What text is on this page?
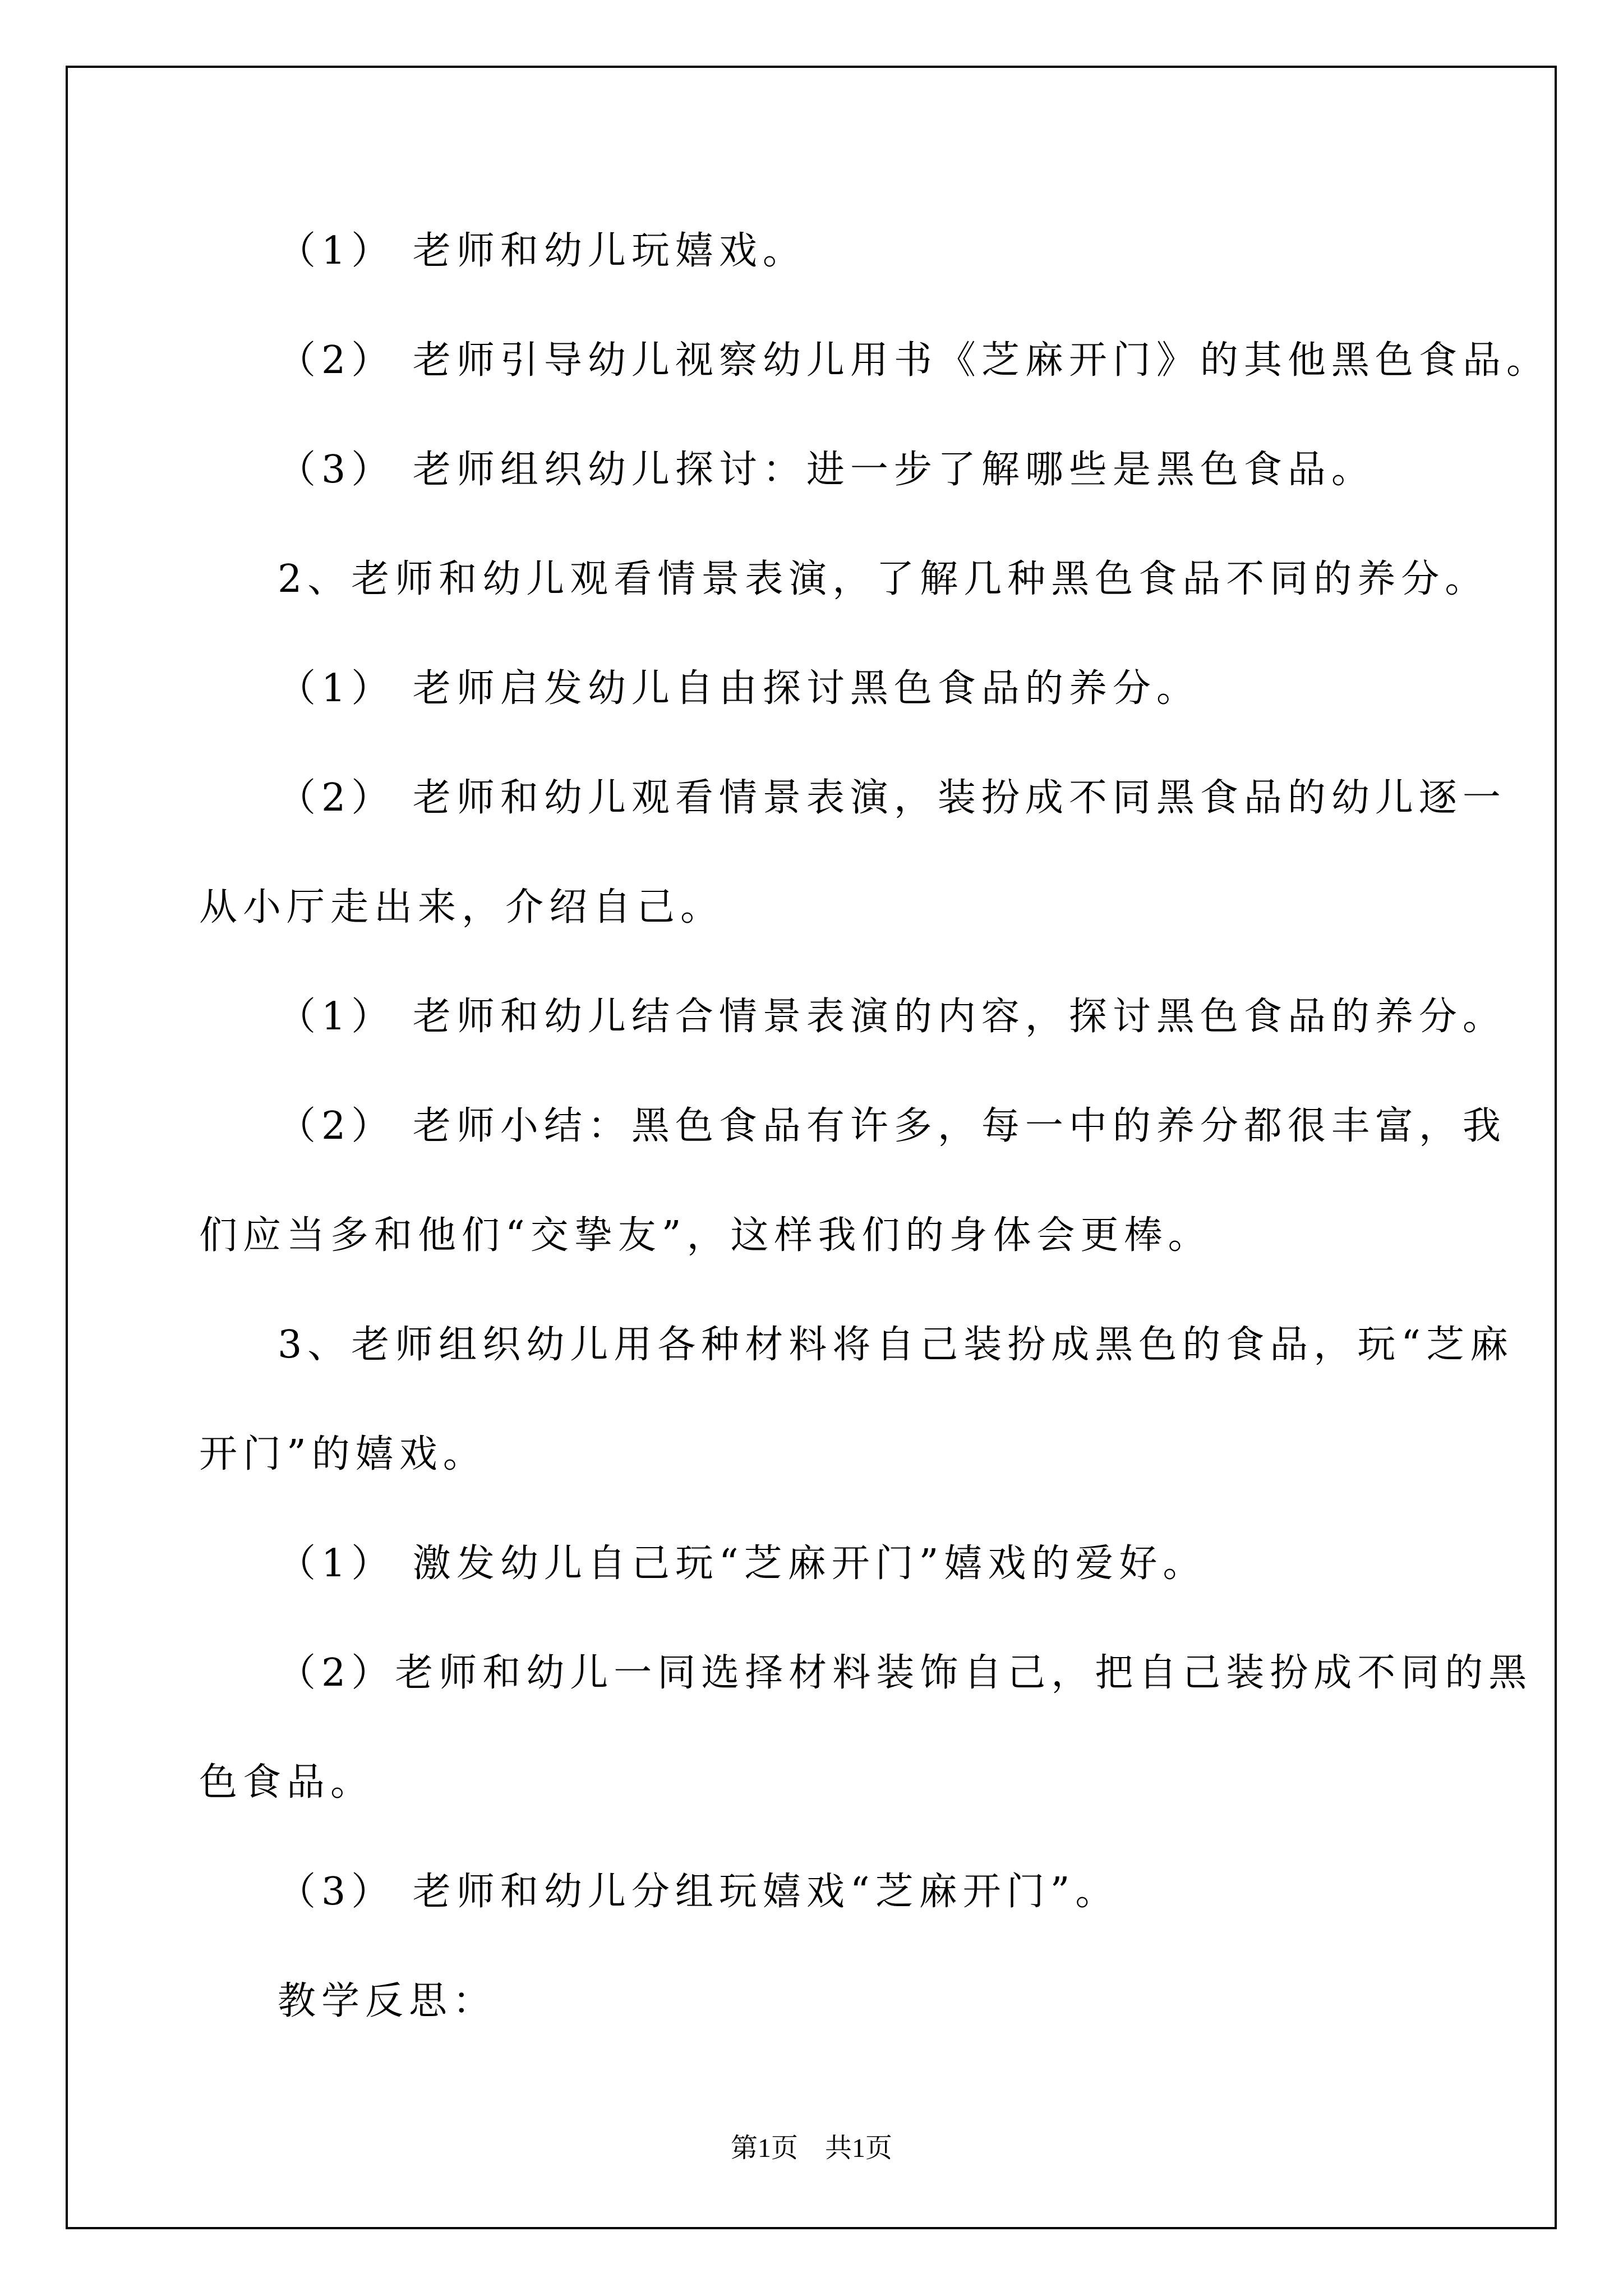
（1） 老师和幼儿玩嬉戏。

（2） 老师引导幼儿视察幼儿用书《芝麻开门》的其他黑色食品。

（3） 老师组织幼儿探讨：进一步了解哪些是黑色食品。

2、老师和幼儿观看情景表演，了解几种黑色食品不同的养分。

（1） 老师启发幼儿自由探讨黑色食品的养分。

（2） 老师和幼儿观看情景表演，装扮成不同黑食品的幼儿逐一

从小厅走出来，介绍自己。

（1） 老师和幼儿结合情景表演的内容，探讨黑色食品的养分。

（2） 老师小结：黑色食品有许多，每一中的养分都很丰富，我

们应当多和他们“交挚友”，这样我们的身体会更棒。

3、老师组织幼儿用各种材料将自己装扮成黑色的食品，玩“芝麻

开门”的嬉戏。

（1） 激发幼儿自己玩“芝麻开门”嬉戏的爱好。

（2）老师和幼儿一同选择材料装饰自己，把自己装扮成不同的黑

色食品。

（3） 老师和幼儿分组玩嬉戏“芝麻开门”。

教学反思：

第1页　共1页
